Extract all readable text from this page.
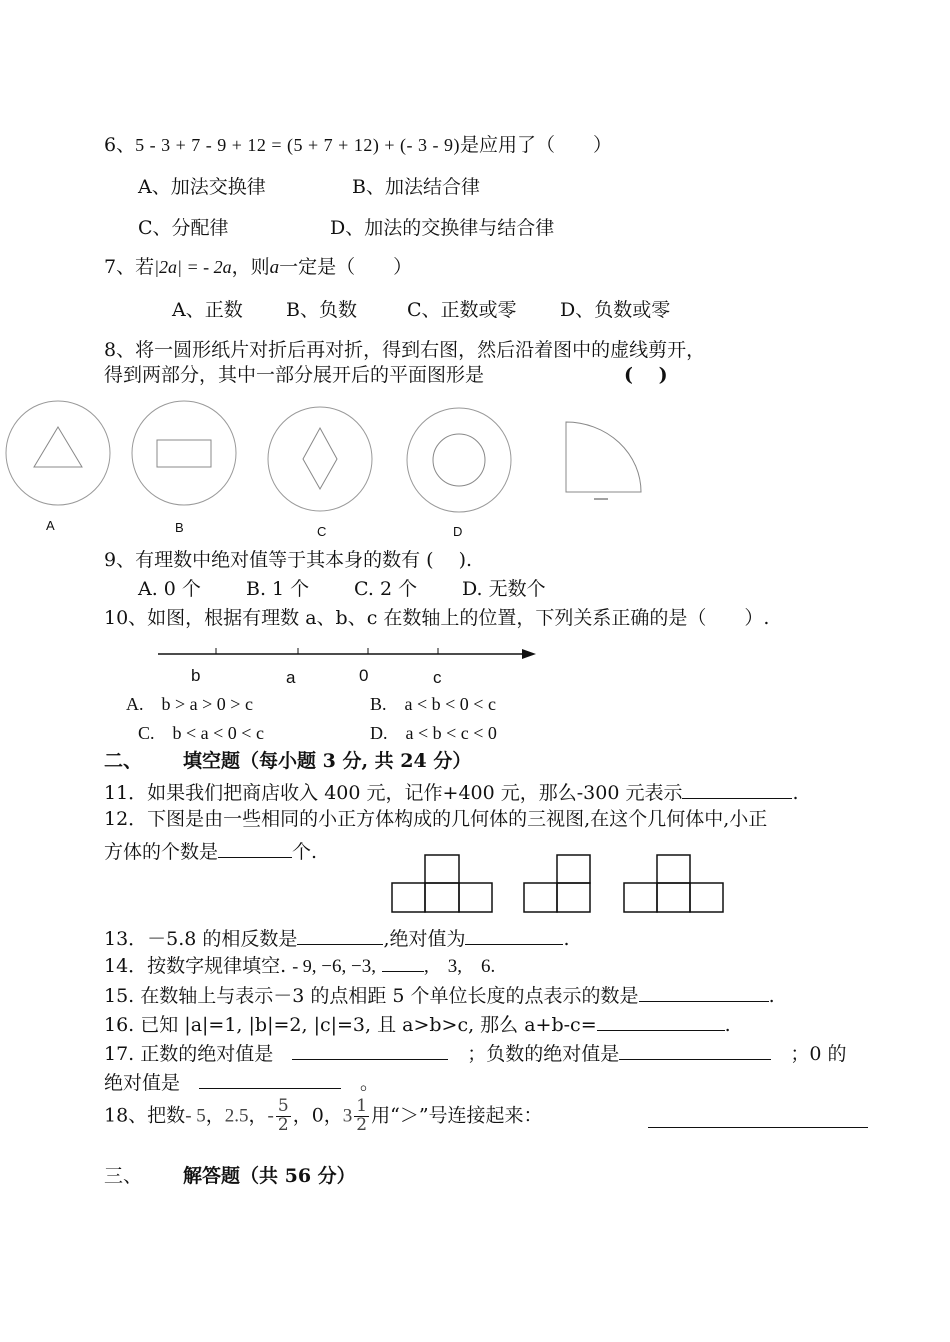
6、5 - 3 + 7 - 9 + 12 = (5 + 7 + 12) + (- 3 - 9)是应用了（　　）
A、加法交换律	B、加法结合律
C、分配律	D、加法的交换律与结合律
7、若|2a| = - 2a，则a一定是（　　）
A、正数 B、负数	C、正数或零 D、负数或零
8、将一圆形纸片对折后再对折，得到右图，然后沿着图中的虚线剪开，
得到两部分，其中一部分展开后的平面图形是	(　 )
A	B	C	D
9、有理数中绝对值等于其本身的数有 (　 ).
A. 0 个 B. 1 个 C. 2 个 D. 无数个
10、如图，根据有理数 a、b、c 在数轴上的位置，下列关系正确的是（　　）.
b	a	0	c
A.　b > a > 0 > c	B.　a < b < 0 < c
C.　b < a < 0 < c	D.　a < b < c < 0
二、 填空题（每小题 3 分, 共 24 分）
11．如果我们把商店收入 400 元，记作+400 元，那么-300 元表示	.
12．下图是由一些相同的小正方体构成的几何体的三视图,在这个几何体中,小正
方体的个数是	个.
13．－5.8 的相反数是	,绝对值为	.
14．按数字规律填空. - 9, −6, −3,	,　3,　6.
15. 在数轴上与表示－3 的点相距 5 个单位长度的点表示的数是	.
16. 已知 |a|=1, |b|=2, |c|=3, 且 a>b>c, 那么 a+b-c=	.
17. 正数的绝对值是　　	；负数的绝对值是　	；0 的
绝对值是　　	。
18、把数- 5，2.5，- $\frac{5}{2}$ ，0，$3 \frac{1}{2}$ 用“＞”号连接起来：
三、 解答题（共 56 分）
